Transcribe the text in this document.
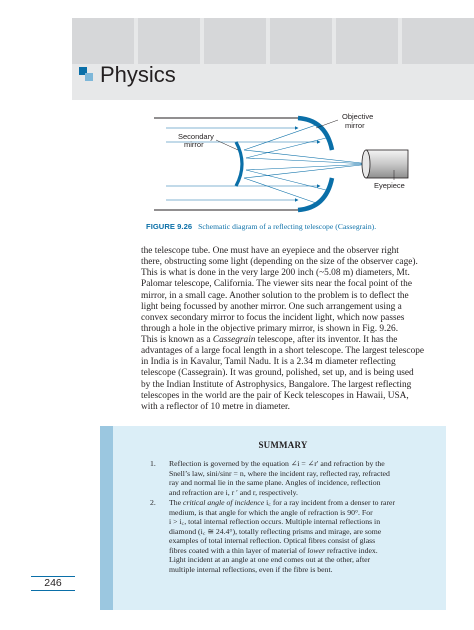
Physics
Objective
mirror
Secondary
mirror
Eyepiece
FIGURE 9.26 Schematic diagram of a reflecting telescope (Cassegrain).
the telescope tube. One must have an eyepiece and the observer right
there, obstructing some light (depending on the size of the observer cage).
This is what is done in the very large 200 inch (~5.08 m) diameters, Mt.
Palomar telescope, California. The viewer sits near the focal point of the
mirror, in a small cage. Another solution to the problem is to deflect the
light being focussed by another mirror. One such arrangement using a
convex secondary mirror to focus the incident light, which now passes
through a hole in the objective primary mirror, is shown in Fig. 9.26.
This is known as a Cassegrain telescope, after its inventor. It has the
advantages of a large focal length in a short telescope. The largest telescope
in India is in Kavalur, Tamil Nadu. It is a 2.34 m diameter reflecting
telescope (Cassegrain). It was ground, polished, set up, and is being used
by the Indian Institute of Astrophysics, Bangalore. The largest reflecting
telescopes in the world are the pair of Keck telescopes in Hawaii, USA,
with a reflector of 10 metre in diameter.
SUMMARY
1. Reflection is governed by the equation ∠i = ∠r′ and refraction by the
Snell’s law, sini/sinr = n, where the incident ray, reflected ray, refracted
ray and normal lie in the same plane. Angles of incidence, reflection
and refraction are i, r ′ and r, respectively.
2. The critical angle of incidence i꜀ for a ray incident from a denser to rarer
medium, is that angle for which the angle of refraction is 90°. For
i > i꜀, total internal reflection occurs. Multiple internal reflections in
diamond (i꜀ ≅ 24.4°), totally reflecting prisms and mirage, are some
examples of total internal reflection. Optical fibres consist of glass
fibres coated with a thin layer of material of lower refractive index.
Light incident at an angle at one end comes out at the other, after
multiple internal reflections, even if the fibre is bent.
246
